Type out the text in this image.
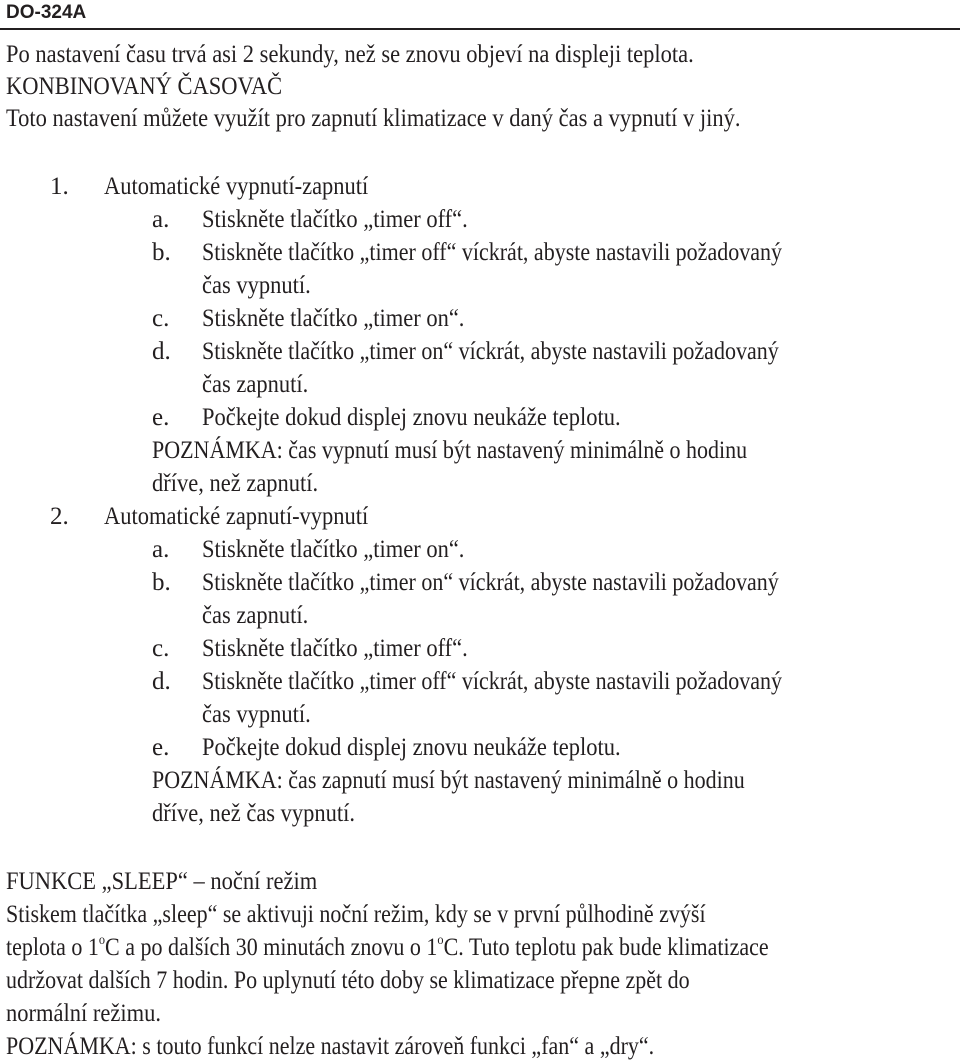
DO-324A
Po nastavení času trvá asi 2 sekundy, než se znovu objeví na displeji teplota.
KONBINOVANÝ ČASOVAČ
Toto nastavení můžete využít pro zapnutí klimatizace v daný čas a vypnutí v jiný.
1. Automatické vypnutí-zapnutí
a. Stiskněte tlačítko „timer off“.
b. Stiskněte tlačítko „timer off“ víckrát, abyste nastavili požadovaný
čas vypnutí.
c. Stiskněte tlačítko „timer on“.
d. Stiskněte tlačítko „timer on“ víckrát, abyste nastavili požadovaný
čas zapnutí.
e. Počkejte dokud displej znovu neukáže teplotu.
POZNÁMKA: čas vypnutí musí být nastavený minimálně o hodinu
dříve, než zapnutí.
2. Automatické zapnutí-vypnutí
a. Stiskněte tlačítko „timer on“.
b. Stiskněte tlačítko „timer on“ víckrát, abyste nastavili požadovaný
čas zapnutí.
c. Stiskněte tlačítko „timer off“.
d. Stiskněte tlačítko „timer off“ víckrát, abyste nastavili požadovaný
čas vypnutí.
e. Počkejte dokud displej znovu neukáže teplotu.
POZNÁMKA: čas zapnutí musí být nastavený minimálně o hodinu
dříve, než čas vypnutí.
FUNKCE „SLEEP“ – noční režim
Stiskem tlačítka „sleep“ se aktivuji noční režim, kdy se v první půlhodině zvýší
teplota o 1$^o$C a po dalších 30 minutách znovu o 1$^o$C. Tuto teplotu pak bude klimatizace
udržovat dalších 7 hodin. Po uplynutí této doby se klimatizace přepne zpět do
normální režimu.
POZNÁMKA: s touto funkcí nelze nastavit zároveň funkci „fan“ a „dry“.
